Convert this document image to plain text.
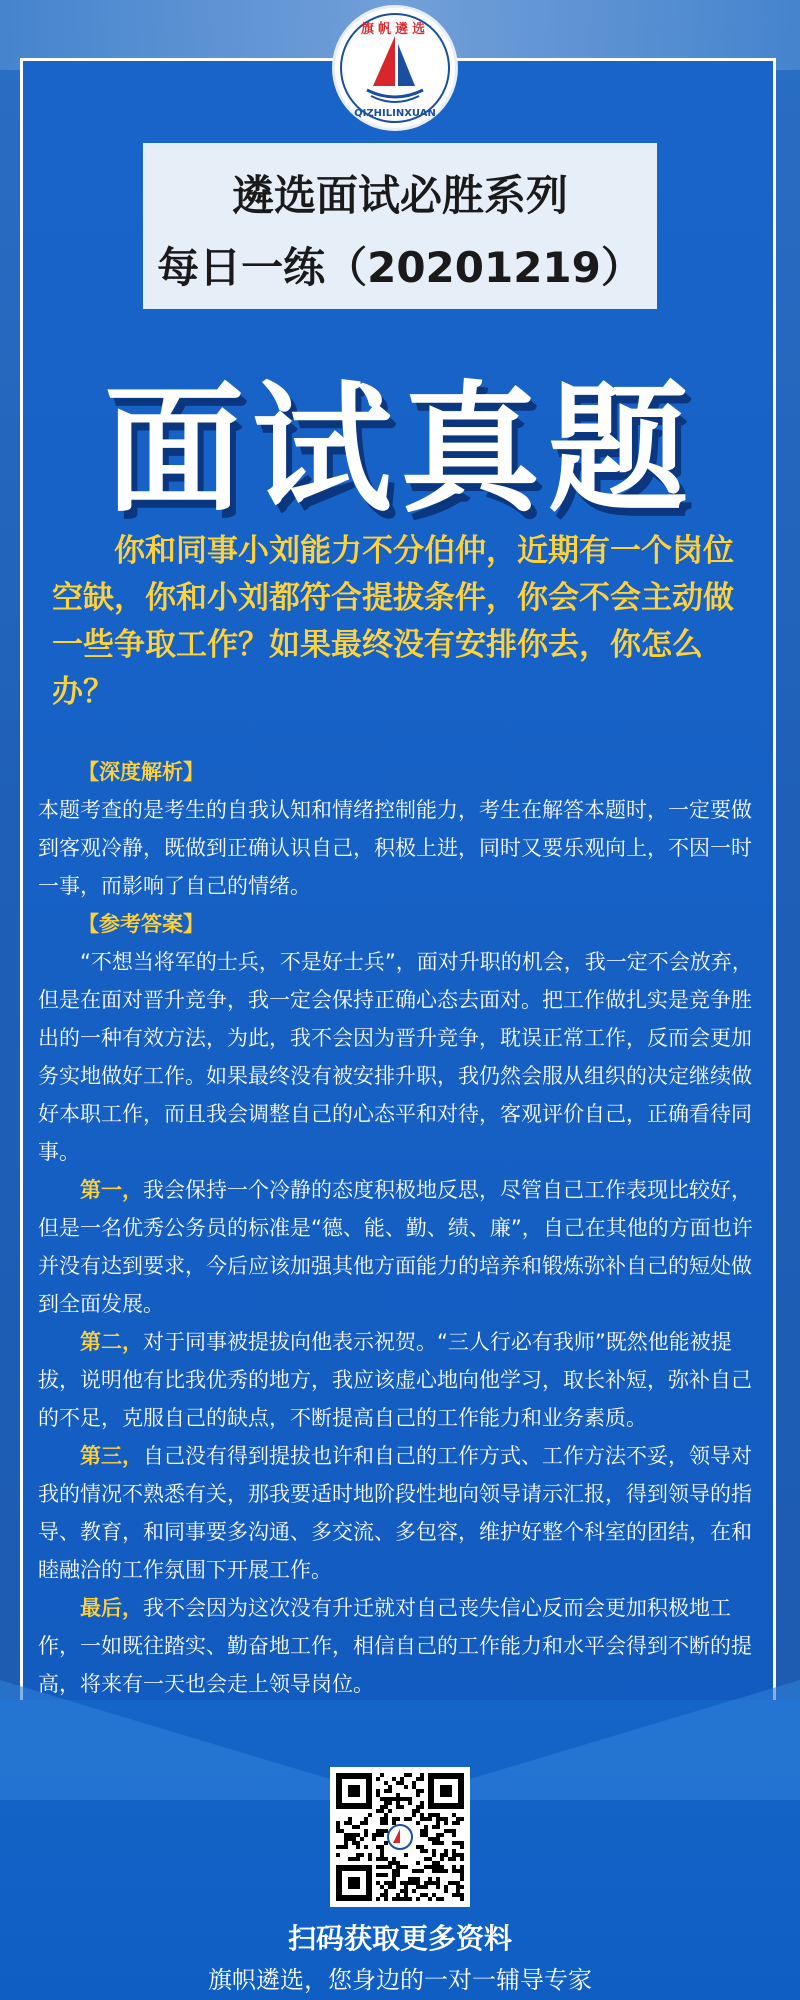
旗帆遴选
QIZHILINXUAN
遴选面试必胜系列
每日一练（20201219）
面试真题
你和同事小刘能力不分伯仲，近期有一个岗位空缺，你和小刘都符合提拔条件，你会不会主动做一些争取工作？如果最终没有安排你去，你怎么办？

【深度解析】

本题考查的是考生的自我认知和情绪控制能力，考生在解答本题时，一定要做到客观冷静，既做到正确认识自己，积极上进，同时又要乐观向上，不因一时一事，而影响了自己的情绪。

【参考答案】

“不想当将军的士兵，不是好士兵”，面对升职的机会，我一定不会放弃，但是在面对晋升竞争，我一定会保持正确心态去面对。把工作做扎实是竞争胜出的一种有效方法，为此，我不会因为晋升竞争，耽误正常工作，反而会更加务实地做好工作。如果最终没有被安排升职，我仍然会服从组织的决定继续做好本职工作，而且我会调整自己的心态平和对待，客观评价自己，正确看待同事。

第一，我会保持一个冷静的态度积极地反思，尽管自己工作表现比较好，但是一名优秀公务员的标准是“德、能、勤、绩、廉”，自己在其他的方面也许并没有达到要求，今后应该加强其他方面能力的培养和锻炼弥补自己的短处做到全面发展。

第二，对于同事被提拔向他表示祝贺。“三人行必有我师”既然他能被提拔，说明他有比我优秀的地方，我应该虚心地向他学习，取长补短，弥补自己的不足，克服自己的缺点，不断提高自己的工作能力和业务素质。

第三，自己没有得到提拔也许和自己的工作方式、工作方法不妥，领导对我的情况不熟悉有关，那我要适时地阶段性地向领导请示汇报，得到领导的指导、教育，和同事要多沟通、多交流、多包容，维护好整个科室的团结，在和睦融洽的工作氛围下开展工作。

最后，我不会因为这次没有升迁就对自己丧失信心反而会更加积极地工作，一如既往踏实、勤奋地工作，相信自己的工作能力和水平会得到不断的提高，将来有一天也会走上领导岗位。

扫码获取更多资料
旗帜遴选，您身边的一对一辅导专家
